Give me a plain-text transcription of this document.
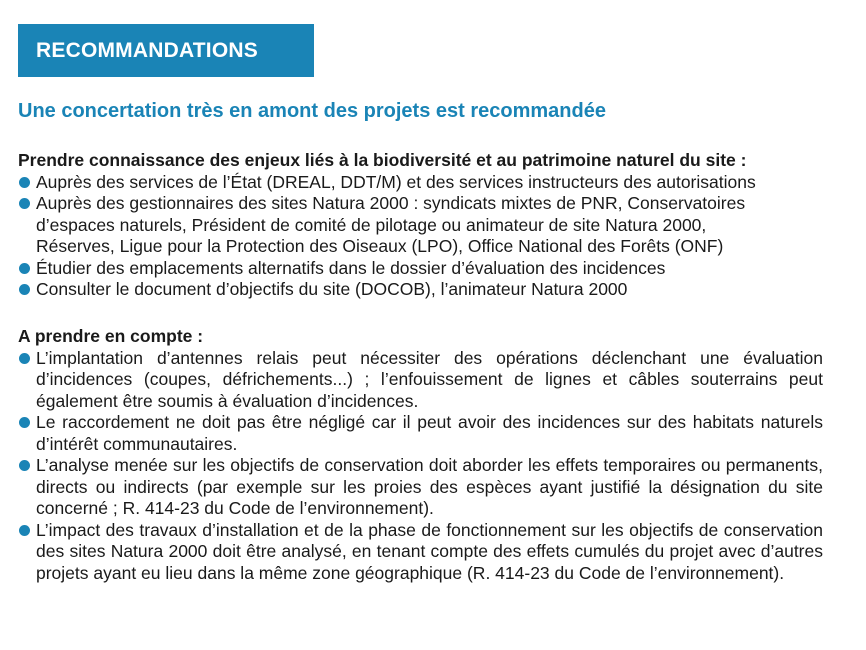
RECOMMANDATIONS
Une concertation très en amont des projets est recommandée

Prendre connaissance des enjeux liés à la biodiversité et au patrimoine naturel du site :

Auprès des services de l’État (DREAL, DDT/M) et des services instructeurs des autorisations
Auprès des gestionnaires des sites Natura 2000 : syndicats mixtes de PNR, Conservatoires
d’espaces naturels, Président de comité de pilotage ou animateur de site Natura 2000,
Réserves, Ligue pour la Protection des Oiseaux (LPO), Office National des Forêts (ONF)
Étudier des emplacements alternatifs dans le dossier d’évaluation des incidences
Consulter le document d’objectifs du site (DOCOB), l’animateur Natura 2000

A prendre en compte :

L’implantation d’antennes relais peut nécessiter des opérations déclenchant une évaluation d’incidences (coupes, défrichements...) ; l’enfouissement de lignes et câbles souterrains peut également être soumis à évaluation d’incidences.
Le raccordement ne doit pas être négligé car il peut avoir des incidences sur des habitats naturels d’intérêt communautaires.
L’analyse menée sur les objectifs de conservation doit aborder les effets temporaires ou permanents, directs ou indirects (par exemple sur les proies des espèces ayant justifié la désignation du site concerné ; R. 414-23 du Code de l’environnement).
L’impact des travaux d’installation et de la phase de fonctionnement sur les objectifs de conservation des sites Natura 2000 doit être analysé, en tenant compte des effets cumulés du projet avec d’autres projets ayant eu lieu dans la même zone géographique (R. 414-23 du Code de l’environnement).
